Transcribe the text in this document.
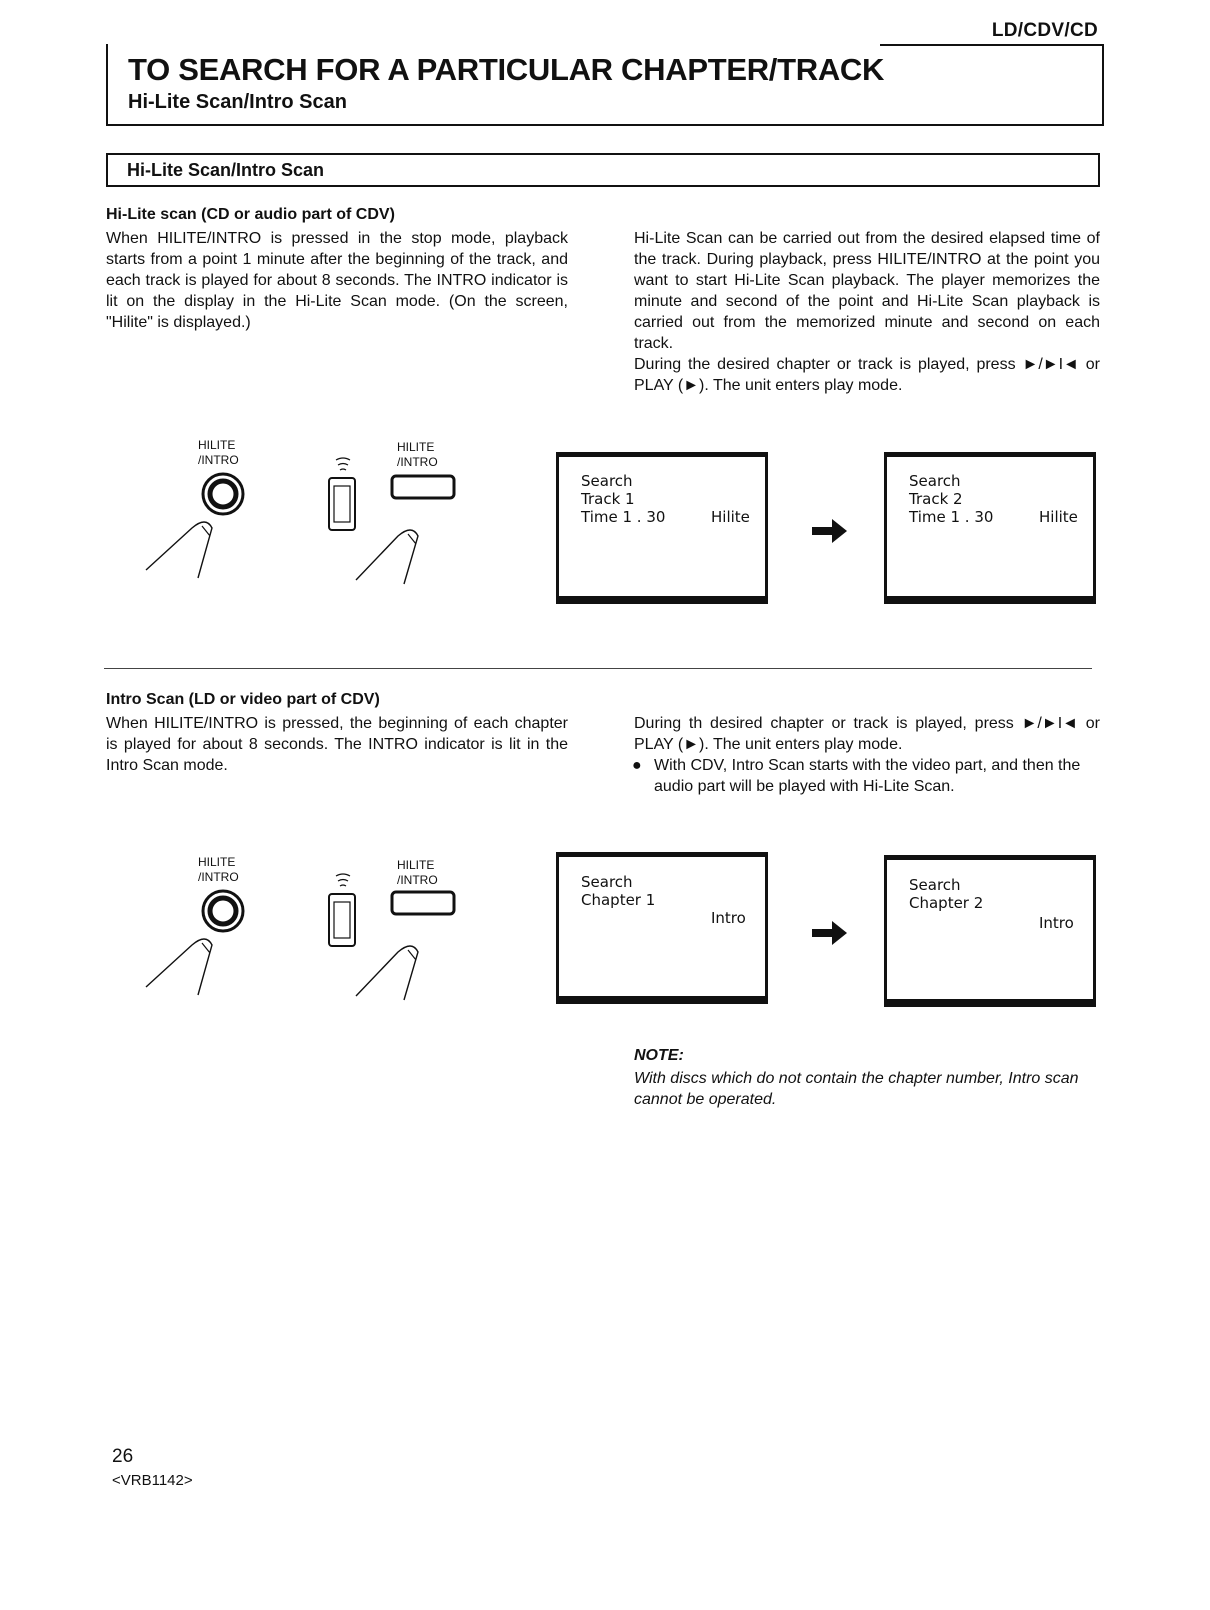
LD/CDV/CD
TO SEARCH FOR A PARTICULAR CHAPTER/TRACK
Hi-Lite Scan/Intro Scan
Hi-Lite Scan/Intro Scan
Hi-Lite scan (CD or audio part of CDV)

When HILITE/INTRO is pressed in the stop mode, playback starts from a point 1 minute after the beginning of the track, and each track is played for about 8 seconds. The INTRO indicator is lit on the display in the Hi-Lite Scan mode. (On the screen, "Hilite" is displayed.)

Hi-Lite Scan can be carried out from the desired elapsed time of the track. During playback, press HILITE/INTRO at the point you want to start Hi-Lite Scan playback. The player memorizes the minute and second of the point and Hi-Lite Scan playback is carried out from the memorized minute and second on each track.

During the desired chapter or track is played, press ►/►I◄ or PLAY (►). The unit enters play mode.

HILITE
/INTRO
HILITE
/INTRO
Search
Track 1
Time 1 . 30	Hilite
Search
Track 2
Time 1 . 30	Hilite
Intro Scan (LD or video part of CDV)

When HILITE/INTRO is pressed, the beginning of each chapter is played for about 8 seconds. The INTRO indicator is lit in the Intro Scan mode.

During th desired chapter or track is played, press ►/►I◄ or PLAY (►). The unit enters play mode.

● With CDV, Intro Scan starts with the video part, and then the audio part will be played with Hi-Lite Scan.
HILITE
/INTRO
HILITE
/INTRO	Search
Chapter 1
Intro
Search
Chapter 2
Intro
NOTE:
With discs which do not contain the chapter number, Intro scan cannot be operated.
26
<VRB1142>
